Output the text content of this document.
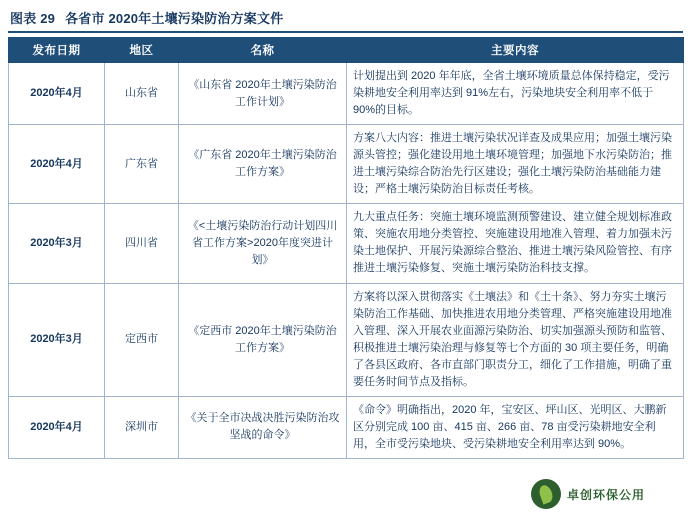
图表 29 各省市 2020年土壤污染防治方案文件
发布日期	地区	名称	主要内容
2020年4月	山东省	《山东省 2020年土壤污染防治工作计划》	计划提出到 2020 年年底，全省土壤环境质量总体保持稳定，受污染耕地安全利用率达到 91%左右，污染地块安全利用率不低于 90%的目标。
2020年4月	广东省	《广东省 2020年土壤污染防治工作方案》	方案八大内容：推进土壤污染状况详查及成果应用；加强土壤污染源头管控；强化建设用地土壤环境管理；加强地下水污染防治；推进土壤污染综合防治先行区建设；强化土壤污染防治基础能力建设；严格土壤污染防治目标责任考核。
2020年3月	四川省	《<土壤污染防治行动计划四川省工作方案>2020年度突进计划》	九大重点任务：突施土壤环境监测预警建设、建立健全规划标准政策、突施农用地分类管控、突施建设用地准入管理、着力加强未污染土地保护、开展污染源综合整治、推进土壤污染风险管控、有序推进土壤污染修复、突施土壤污染防治科技支撑。
2020年3月	定西市	《定西市 2020年土壤污染防治工作方案》	方案将以深入贯彻落实《土壤法》和《土十条》、努力夯实土壤污染防治工作基础、加快推进农用地分类管理、严格突施建设用地准入管理、深入开展农业面源污染防治、切实加强源头预防和监管、积极推进土壤污染治理与修复等七个方面的 30 项主要任务，明确了各县区政府、各市直部门职责分工，细化了工作措施，明确了重要任务时间节点及指标。
2020年4月	深圳市	《关于全市决战决胜污染防治攻坚战的命令》	《命令》明确指出，2020 年，宝安区、坪山区、光明区、大鹏新区分别完成 100 亩、415 亩、266 亩、78 亩受污染耕地安全利用，全市受污染地块、受污染耕地安全利用率达到 90%。
卓创环保公用
